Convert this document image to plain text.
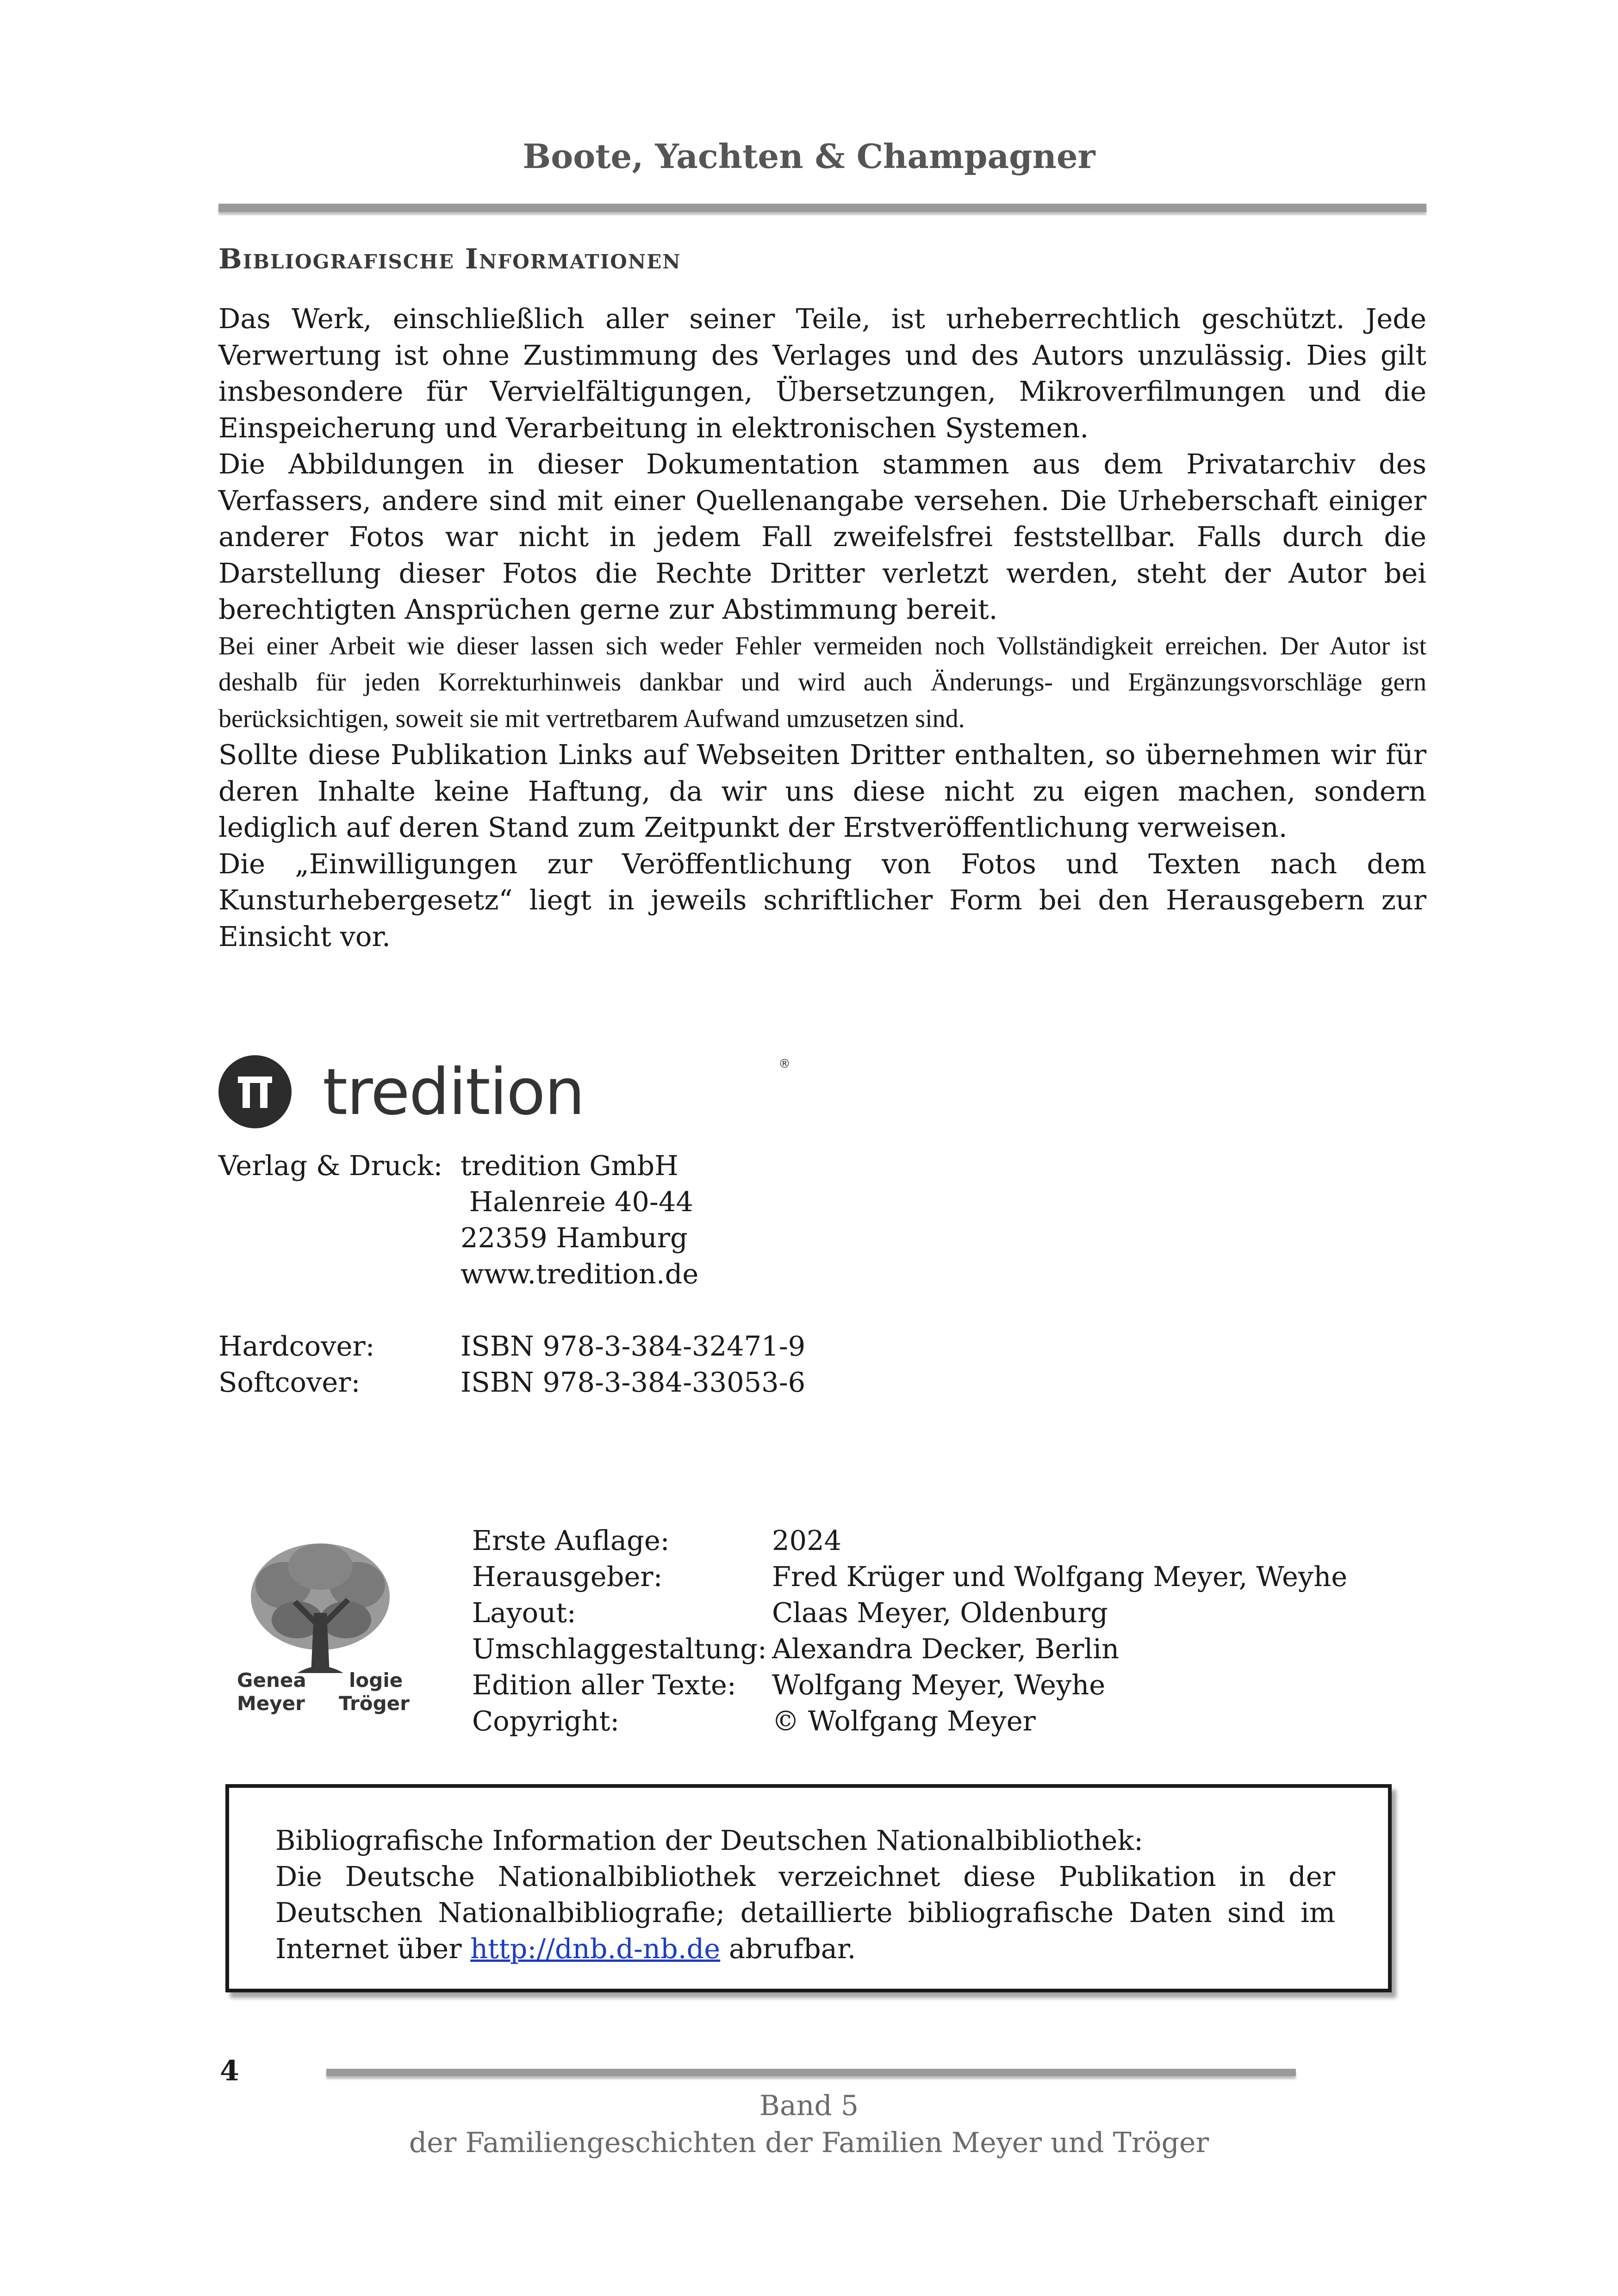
Boote, Yachten & Champagner
Bibliografische Informationen

Das Werk, einschließlich aller seiner Teile, ist urheberrechtlich geschützt. Jede Verwertung ist ohne Zustimmung des Verlages und des Autors unzulässig. Dies gilt insbesondere für Vervielfältigungen, Übersetzungen, Mikroverfilmungen und die Einspeicherung und Verarbeitung in elektronischen Systemen.

Die Abbildungen in dieser Dokumentation stammen aus dem Privatarchiv des Verfassers, andere sind mit einer Quellenangabe versehen. Die Urheberschaft einiger anderer Fotos war nicht in jedem Fall zweifelsfrei feststellbar. Falls durch die Darstellung dieser Fotos die Rechte Dritter verletzt werden, steht der Autor bei berechtigten Ansprüchen gerne zur Abstimmung bereit.

Bei einer Arbeit wie dieser lassen sich weder Fehler vermeiden noch Vollständigkeit erreichen. Der Autor ist deshalb für jeden Korrekturhinweis dankbar und wird auch Änderungs- und Ergänzungsvorschläge gern berücksichtigen, soweit sie mit vertretbarem Aufwand umzusetzen sind.

Sollte diese Publikation Links auf Webseiten Dritter enthalten, so übernehmen wir für deren Inhalte keine Haftung, da wir uns diese nicht zu eigen machen, sondern lediglich auf deren Stand zum Zeitpunkt der Erstveröffentlichung verweisen.

Die „Einwilligungen zur Veröffentlichung von Fotos und Texten nach dem Kunsturhebergesetz“ liegt in jeweils schriftlicher Form bei den Herausgebern zur Einsicht vor.

tredition	®
Verlag & Druck: tredition GmbH
Halenreie 40-44
22359 Hamburg
www.tredition.de
Hardcover:	ISBN 978-3-384-32471-9
Softcover:	ISBN 978-3-384-33053-6
Genea logie
Meyer Tröger
Erste Auflage:	2024
Herausgeber:	Fred Krüger und Wolfgang Meyer, Weyhe
Layout:	Claas Meyer, Oldenburg
Umschlaggestaltung: Alexandra Decker, Berlin
Edition aller Texte: Wolfgang Meyer, Weyhe
Copyright:	© Wolfgang Meyer

Bibliografische Information der Deutschen Nationalbibliothek:

Die Deutsche Nationalbibliothek verzeichnet diese Publikation in der Deutschen Nationalbibliografie; detaillierte bibliografische Daten sind im Internet über http://dnb.d-nb.de abrufbar.

4
Band 5
der Familiengeschichten der Familien Meyer und Tröger
